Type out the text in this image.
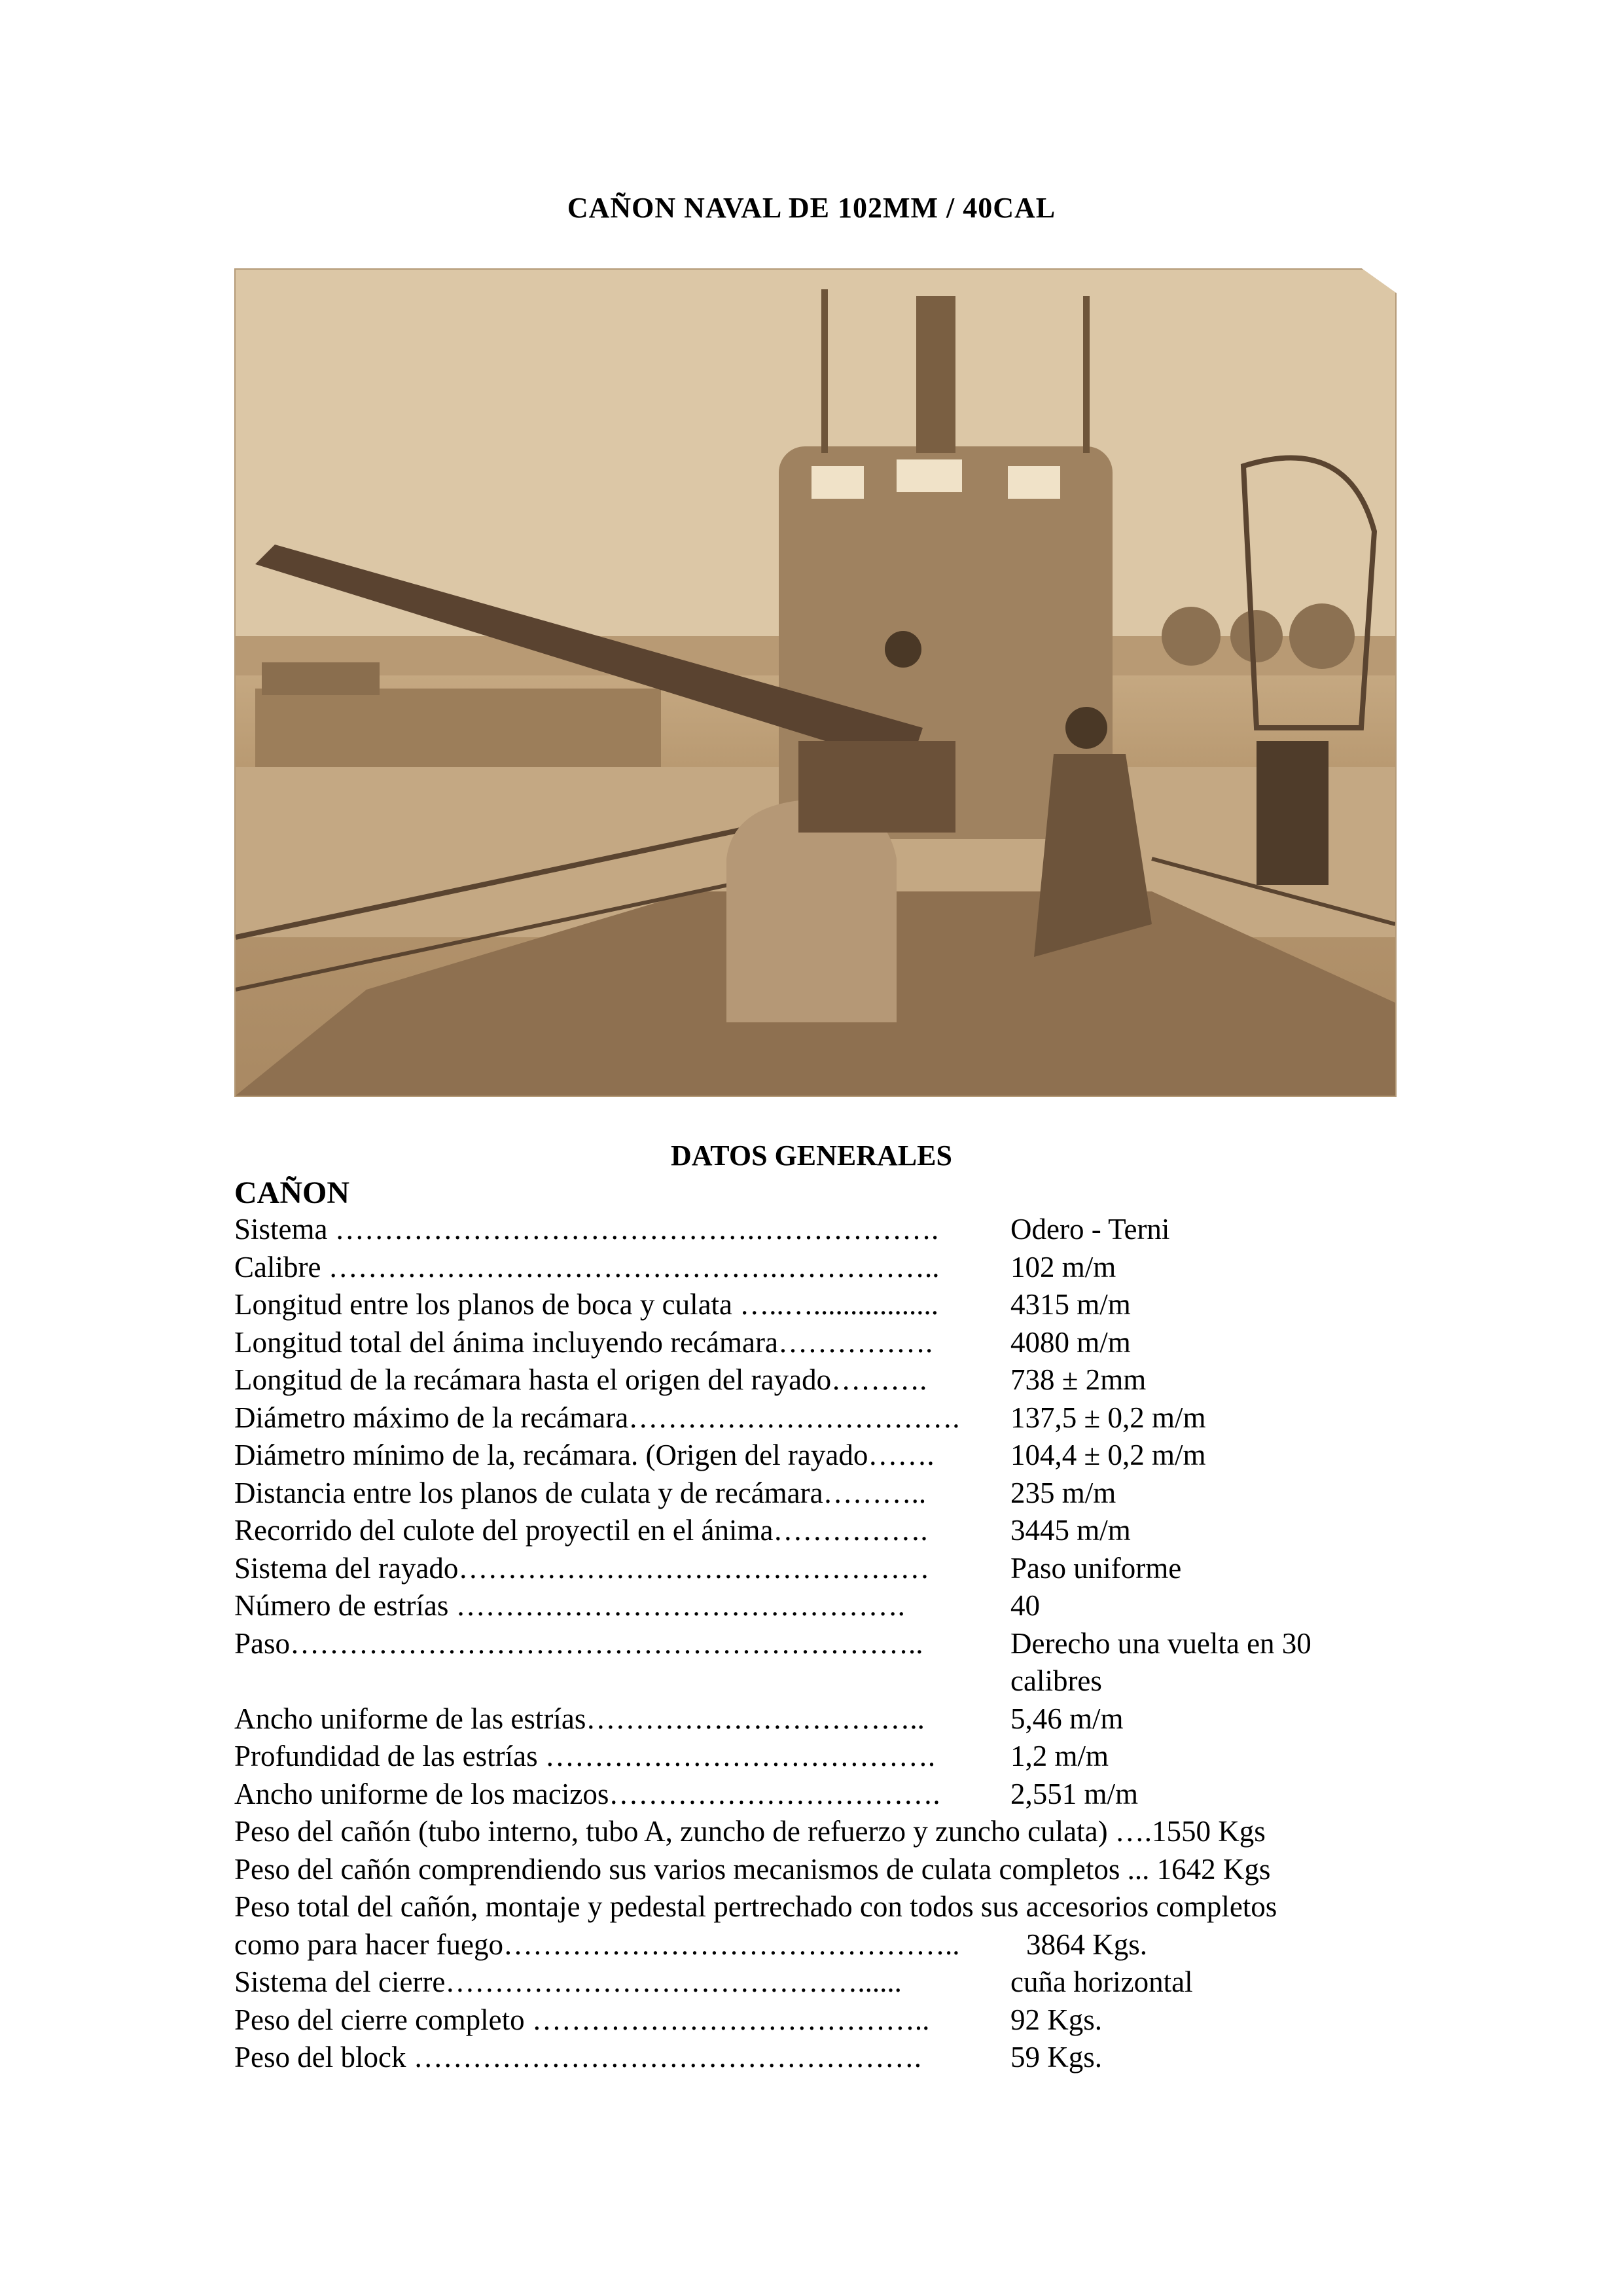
CAÑON NAVAL DE 102MM / 40CAL
DATOS GENERALES
CAÑON
Sistema …………………………………….………………. Odero - Terni
Calibre ……………………………………….…………….. 102 m/m
Longitud entre los planos de boca y culata …..…................. 4315 m/m
Longitud total del ánima incluyendo recámara…………….	4080 m/m
Longitud de la recámara hasta el origen del rayado……….	738 ± 2mm
Diámetro máximo de la recámara……………………………. 137,5 ± 0,2 m/m
Diámetro mínimo de la, recámara. (Origen del rayado…….	104,4 ± 0,2 m/m
Distancia entre los planos de culata y de recámara………..	235 m/m
Recorrido del culote del proyectil en el ánima…………….	3445 m/m
Sistema del rayado…………………………………………	Paso uniforme
Número de estrías ……………………………………….	40
Paso………………………………………………………..	Derecho una vuelta en 30
calibres
Ancho uniforme de las estrías……………………………..	5,46 m/m
Profundidad de las estrías ………………………………….	1,2 m/m
Ancho uniforme de los macizos……………………………. 2,551 m/m
Peso del cañón (tubo interno, tubo A, zuncho de refuerzo y zuncho culata) ….1550 Kgs
Peso del cañón comprendiendo sus varios mecanismos de culata completos ... 1642 Kgs
Peso total del cañón, montaje y pedestal pertrechado con todos sus accesorios completos
como para hacer fuego……………………………………….. 3864 Kgs.
Sistema del cierre……………………………………......	cuña horizontal
Peso del cierre completo …………………………………..	92 Kgs.
Peso del block …………………………………………….	59 Kgs.
